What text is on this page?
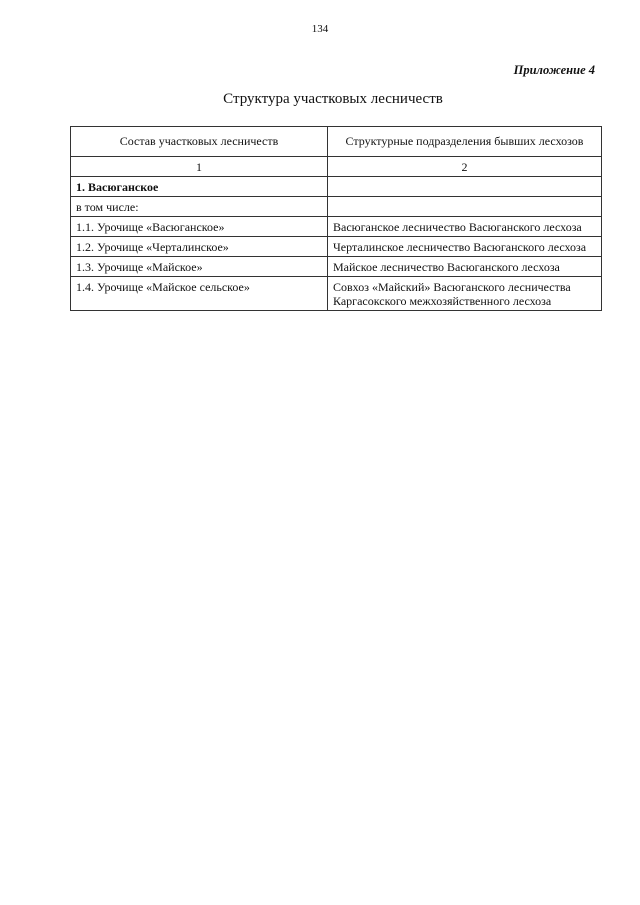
134
Приложение 4
Структура участковых лесничеств
Состав участковых лесничеств	Структурные подразделения бывших лесхозов
1	2
1. Васюганское	
в том числе:	
1.1. Урочище «Васюганское»	Васюганское лесничество Васюганского лесхоза
1.2. Урочище «Черталинское»	Черталинское лесничество Васюганского лесхоза
1.3. Урочище «Майское»	Майское лесничество Васюганского лесхоза
1.4. Урочище «Майское сельское»	Совхоз «Майский» Васюганского лесничества Каргасокского межхозяйственного лесхоза
